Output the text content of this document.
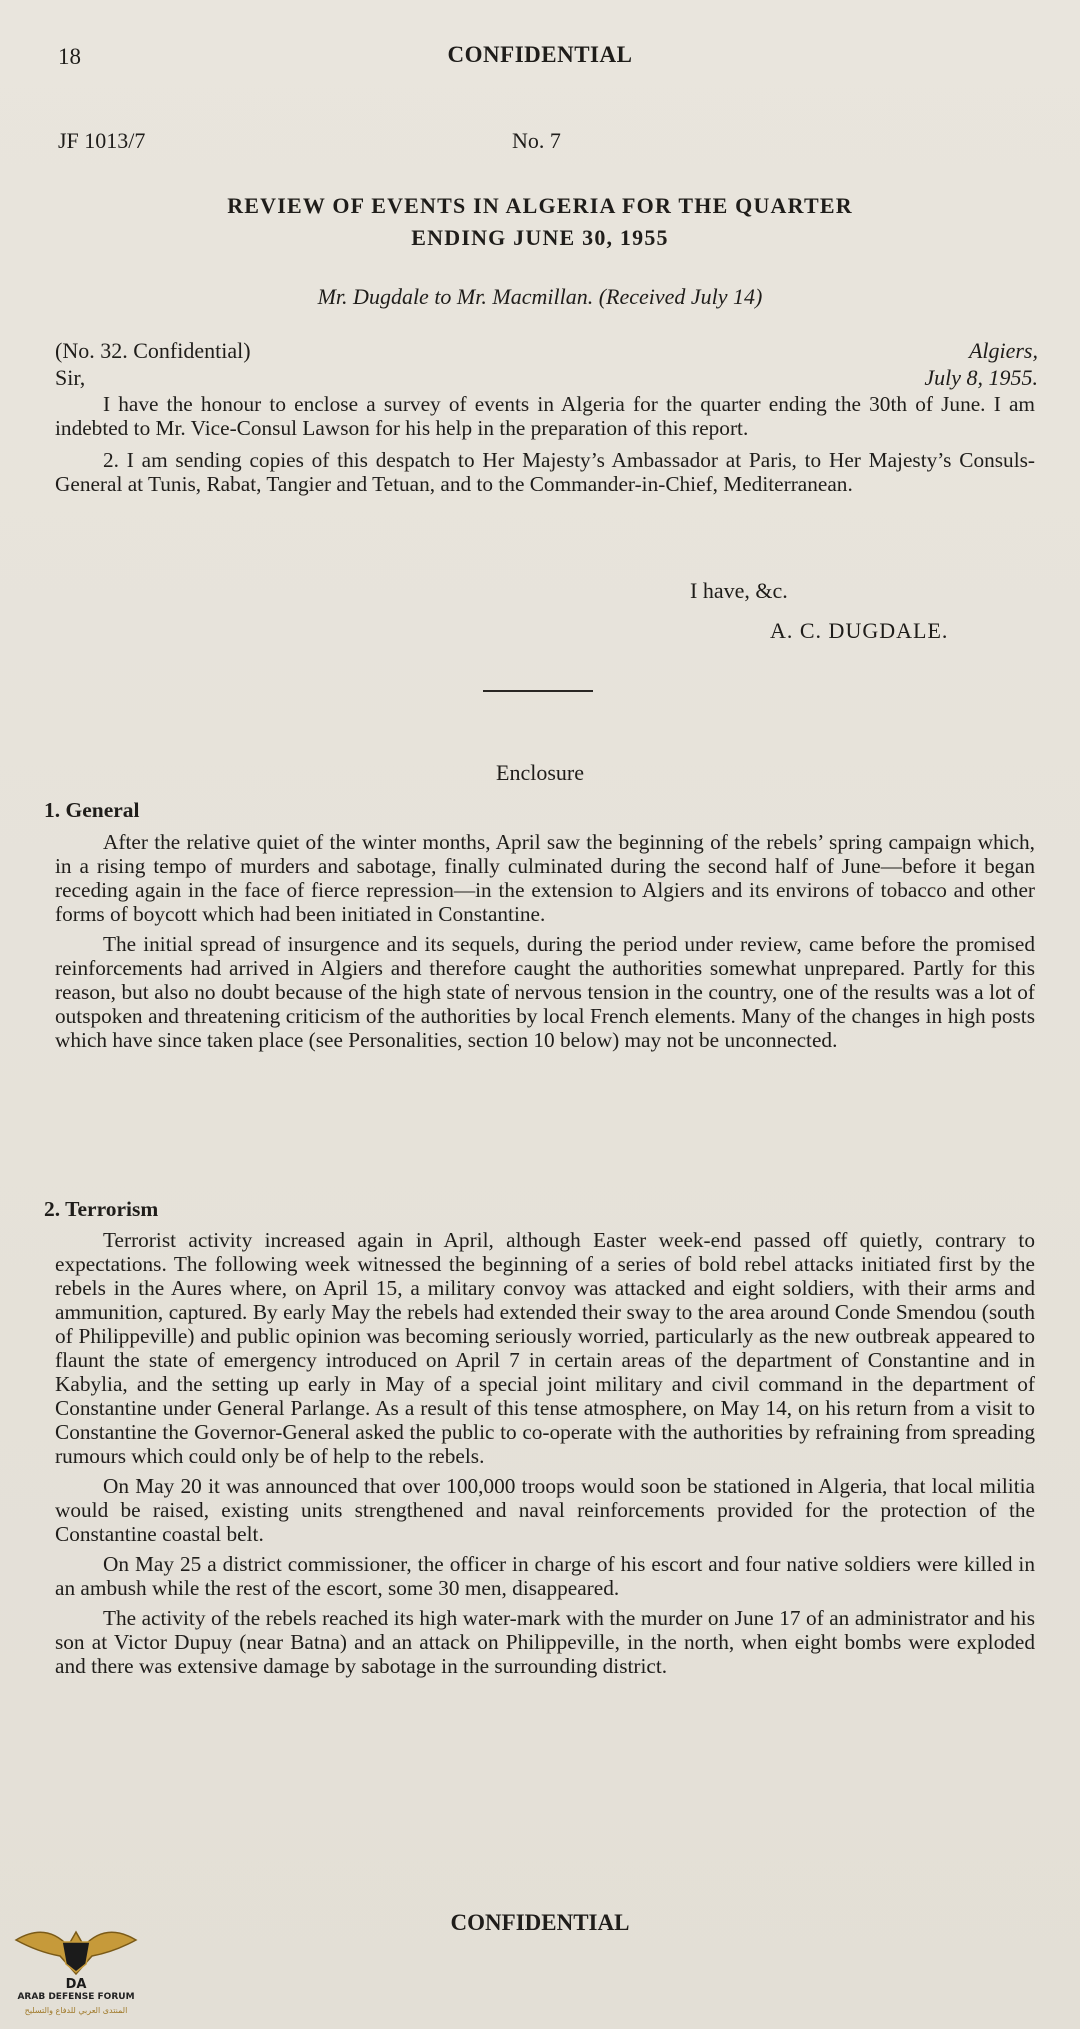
18	CONFIDENTIAL
JF 1013/7	No. 7
REVIEW OF EVENTS IN ALGERIA FOR THE QUARTER
ENDING JUNE 30, 1955
Mr. Dugdale to Mr. Macmillan. (Received July 14)
(No. 32. Confidential)
Sir,
Algiers,
July 8, 1955.

I have the honour to enclose a survey of events in Algeria for the quarter ending the 30th of June. I am indebted to Mr. Vice-Consul Lawson for his help in the preparation of this report.

2. I am sending copies of this despatch to Her Majesty’s Ambassador at Paris, to Her Majesty’s Consuls-General at Tunis, Rabat, Tangier and Tetuan, and to the Commander-in-Chief, Mediterranean.

I have, &c.
A. C. DUGDALE.
Enclosure
1. General

After the relative quiet of the winter months, April saw the beginning of the rebels’ spring campaign which, in a rising tempo of murders and sabotage, finally culminated during the second half of June—before it began receding again in the face of fierce repression—in the extension to Algiers and its environs of tobacco and other forms of boycott which had been initiated in Constantine.

The initial spread of insurgence and its sequels, during the period under review, came before the promised reinforcements had arrived in Algiers and therefore caught the authorities somewhat unprepared. Partly for this reason, but also no doubt because of the high state of nervous tension in the country, one of the results was a lot of outspoken and threatening criticism of the authorities by local French elements. Many of the changes in high posts which have since taken place (see Personalities, section 10 below) may not be unconnected.

2. Terrorism

Terrorist activity increased again in April, although Easter week-end passed off quietly, contrary to expectations. The following week witnessed the beginning of a series of bold rebel attacks initiated first by the rebels in the Aures where, on April 15, a military convoy was attacked and eight soldiers, with their arms and ammunition, captured. By early May the rebels had extended their sway to the area around Conde Smendou (south of Philippeville) and public opinion was becoming seriously worried, particularly as the new outbreak appeared to flaunt the state of emergency introduced on April 7 in certain areas of the department of Constantine and in Kabylia, and the setting up early in May of a special joint military and civil command in the department of Constantine under General Parlange. As a result of this tense atmosphere, on May 14, on his return from a visit to Constantine the Governor-General asked the public to co-operate with the authorities by refraining from spreading rumours which could only be of help to the rebels.

On May 20 it was announced that over 100,000 troops would soon be stationed in Algeria, that local militia would be raised, existing units strengthened and naval reinforcements provided for the protection of the Constantine coastal belt.

On May 25 a district commissioner, the officer in charge of his escort and four native soldiers were killed in an ambush while the rest of the escort, some 30 men, disappeared.

The activity of the rebels reached its high water-mark with the murder on June 17 of an administrator and his son at Victor Dupuy (near Batna) and an attack on Philippeville, in the north, when eight bombs were exploded and there was extensive damage by sabotage in the surrounding district.

CONFIDENTIAL
DA
ARAB DEFENSE FORUM
المنتدى العربي للدفاع والتسليح
